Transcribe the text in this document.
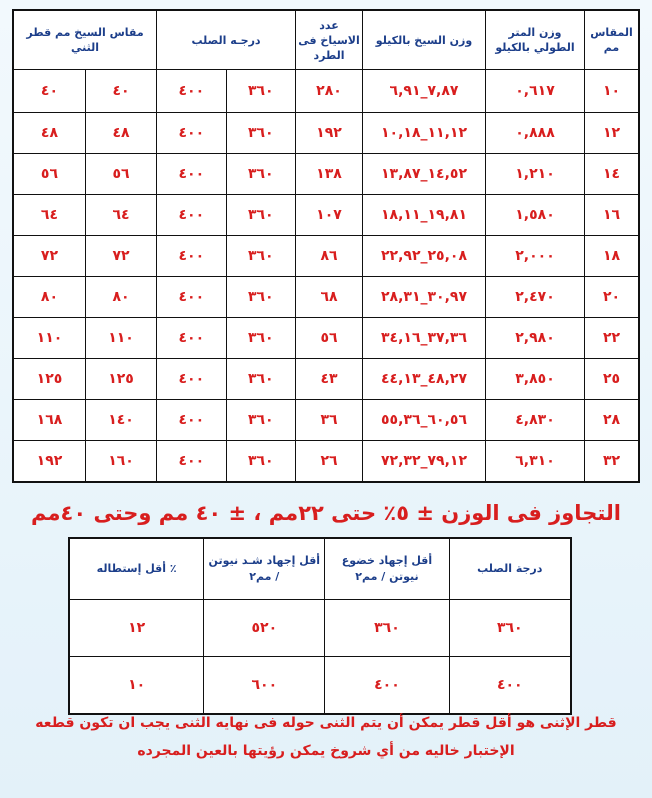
مقاس السيخ مم قطر الثني		درجـه الصلب		عدد الاسياخ فى الطرد	وزن السيخ بالكيلو	وزن المتر الطولي بالكيلو	المقاس مم
٤٠	٤٠	٤٠٠	٣٦٠	٢٨٠	٧,٨٧_٦,٩١	٠,٦١٧	١٠
٤٨	٤٨	٤٠٠	٣٦٠	١٩٢	١١,١٢_١٠,١٨	٠,٨٨٨	١٢
٥٦	٥٦	٤٠٠	٣٦٠	١٣٨	١٤,٥٢_١٣,٨٧	١,٢١٠	١٤
٦٤	٦٤	٤٠٠	٣٦٠	١٠٧	١٩,٨١_١٨,١١	١,٥٨٠	١٦
٧٢	٧٢	٤٠٠	٣٦٠	٨٦	٢٥,٠٨_٢٢,٩٢	٢,٠٠٠	١٨
٨٠	٨٠	٤٠٠	٣٦٠	٦٨	٣٠,٩٧_٢٨,٣١	٢,٤٧٠	٢٠
١١٠	١١٠	٤٠٠	٣٦٠	٥٦	٣٧,٣٦_٣٤,١٦	٢,٩٨٠	٢٢
١٢٥	١٢٥	٤٠٠	٣٦٠	٤٣	٤٨,٢٧_٤٤,١٣	٣,٨٥٠	٢٥
١٦٨	١٤٠	٤٠٠	٣٦٠	٣٦	٦٠,٥٦_٥٥,٣٦	٤,٨٣٠	٢٨
١٩٢	١٦٠	٤٠٠	٣٦٠	٢٦	٧٩,١٢_٧٢,٣٢	٦,٣١٠	٣٢
التجاوز فى الوزن ± ٥٪ حتى ٢٢مم ، ± ٤٠ مم وحتى ٤٠مم
أقل إستطاله ٪	أقل إجهاد شـد نيوتن / مم٢	أقل إجهاد خضوع نيوتن / مم٢	درجة الصلب
١٢	٥٢٠	٣٦٠	٣٦٠
١٠	٦٠٠	٤٠٠	٤٠٠
قطر الإثنى هو أقل قطر يمكن أن يتم الثنى حوله فى نهايه الثنى يجب ان تكون قطعه
الإختبار خاليه من أي شروخ يمكن رؤيتها بالعين المجرده
